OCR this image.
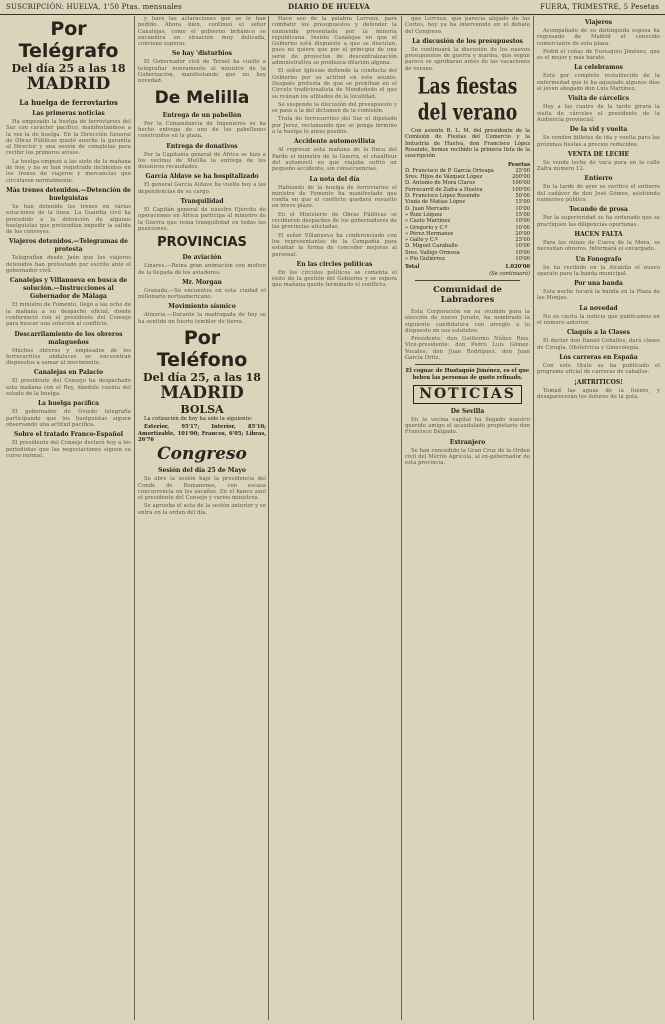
SUSCRIPCIÓN: HUELVA, 1'50 Ptas. mensuales	DIARIO DE HUELVA	FUERA, TRIMESTRE, 5 Pesetas
Por Telégrafo
Del día 25 a las 18
MADRID
La huelga de ferroviarios
Las primeras noticias

Ha empezado la huelga de ferroviarios del Sur con carácter pacífico, manifestándose a la vez la de huelga. En la Dirección General de Obras Públicas quedó anoche la garantía al Director y una sesión de completas para recibir los primeros avisos.

La huelga empezó a las siete de la mañana de hoy, y no se han registrado incidentes en los trenes de viajeros y mercancías que circularon normalmente.

Más trenes detenidos.—Detención de huelguistas

Se han detenido los trenes en varias estaciones de la línea. La Guardia civil ha procedido a la detención de algunos huelguistas que pretendían impedir la salida de los convoyes.

Viajeros detenidos.—Telegramas de protesta

Telegrafían desde Jaén que los viajeros detenidos han protestado por escrito ante el gobernador civil.

Canalejas y Villanueva en busca de solución.—Instrucciones al Gobernador de Málaga

El ministro de Fomento, llegó a las ocho de la mañana a su despacho oficial, donde conferenció con el presidente del Consejo para buscar una solución al conflicto.

Descarrilamiento de los obreros malagueños

Muchos obreros y empleados de los ferrocarriles andaluces se encuentran dispuestos a sumar al movimiento.

Canalejas en Palacio

El presidente del Consejo ha despachado esta mañana con el Rey, dándole cuenta del estado de la huelga.

La huelga pacífica

El gobernador de Oviedo telegrafía participando que los huelguistas siguen observando una actitud pacífica.

Sobre el tratado Franco-Español

El presidente del Consejo declaró hoy a los periodistas que las negociaciones siguen su curso normal.

y hará las aclaraciones que se le han pedido. Ahora bien, continuó el señor Canalejas, como el gobierno británico se encuentra en situación muy delicada, conviene esperar.

Se hay 'disturbios

El Gobernador civil de Teruel ha vuelto a telegrafiar nuevamente al ministro de la Gobernación, manifestando que no hay novedad.

De Melilla
Entrega de un pabellón

Por la Comandancia de Ingenieros se ha hecho entrega de uno de los pabellones construidos en la plaza.

Entrega de donativos

Por la Capitanía general de África se hizo a los vecinos de Melilla la entrega de los donativos recaudados.

García Aldave se ha hospitalizado

El general García Aldave ha vuelto hoy a las dependencias de su cargo.

Tranquilidad

El Capitán general de nuestro Ejército de operaciones en África participa al ministro de la Guerra que reina tranquilidad en todas las posiciones.

PROVINCIAS
De aviación

Linares.—Reina gran animación con motivo de la llegada de los aviadores.

Mr. Morgan

Granada.—Se encuentra en esta ciudad el millonario norteamericano.

Movimiento sísmico

Almería.—Durante la madrugada de hoy se ha sentido un fuerte temblor de tierra.

Por Teléfono
Del día 25, a las 18
MADRID
BOLSA

La cotización de hoy ha sido la siguiente:

Exterior, 95'17; Interior, 85'10; Amortizable, 101'00; Francos, 6'05; Libras, 26'76

Congreso
Sesión del día 25 de Mayo

Se abre la sesión bajo la presidencia del Conde de Romanones, con escasa concurrencia en los escaños. En el banco azul el presidente del Consejo y varios ministros.

Se aprueba el acta de la sesión anterior y se entra en la orden del día.

Hace uso de la palabra Lerroux, para combatir los presupuestos y defender la enmienda presentada por la minoría republicana. Insiste Canalejas en que el Gobierno está dispuesto a que se discutan, pues no quiere que por el principio de una serie de proyectos de descentralización administrativa se produzca dilación alguna.

El señor Iglesias defiende la conducta del Gobierno por su actitud en este asunto. Después protesta de que se prohíban en el Círculo tradicionalista de Mondoñedo el que se reúnan los afiliados de la localidad.

Se suspende la discusión del presupuesto y se pasa a la del dictamen de la comisión.

Trata de ferrocarriles del Sur el diputado por Jerez, reclamando que se ponga término a la huelga lo antes posible.

Accidente automovilista

Al regresar esta mañana de la finca del Pardo el ministro de la Guerra, el chauffeur del automóvil en que viajaba sufrió un pequeño accidente, sin consecuencias.

La nota del día

Hablando de la huelga de ferroviarios el ministro de Fomento ha manifestado que confía en que el conflicto quedará resuelto en breve plazo.

En el Ministerio de Obras Públicas se recibieron despachos de los gobernadores de las provincias afectadas.

El señor Villanueva ha conferenciado con los representantes de la Compañía para estudiar la forma de conceder mejoras al personal.

En las circles políticas

En los círculos políticos se comenta el éxito de la gestión del Gobierno y se espera que mañana quede terminado el conflicto.

que Lerroux, que parecía alejado de las Cortes, hoy ya ha intervenido en el debate del Congreso.

La discusión de los presupuestos

Se continuará la discusión de los nuevos presupuestos de guerra y marina, que según parece se aprobarán antes de las vacaciones de verano.

Las fiestas del verano

Con asiento B. L. M. del presidente de la Comisión de Fiestas del Comercio y la Industria de Huelva, don Francisco López Rosendo, hemos recibido la primera lista de la suscripción

Pesetas
D. Francisco de P. García Orteaga	25'00
Sres. Hijos de Vázquez López	200'00
D. Antonio de Mora Claros	100'00
Ferrocarril de Zafra a Huelva	100'00
D. Francisco López Rosendo	50'00
Viuda de Matías López	15'00
D. Juan Mercado	10'00
» Ruiz Lóquez	15'00
» Casto Martínez	10'00
» Gregorio y C.º	10'00
» Pérez Hermanos	20'00
» Gallo y C.º	25'00
D. Miguel Caraballo	10'00
Sres. Vallejo Ormosa	10'00
» Pio Gutiérrez	10'00
Total	1.020'00
(Se continuará)
Comunidad de Labradores

Esta Corporación en su reunión para la elección de nuevo Jurado, ha nombrado la siguiente candidatura con arreglo a lo dispuesto en sus estatutos.

Presidente: don Guillermo Núñez Ríos. Vice-presidente: don Pedro Luis Gómez. Vocales: don Juan Rodríguez, don Juan García Ortiz.

El cognac de Hustaquio Jiménez, es el que beben las personas de gusto refinado.

NOTICIAS
De Sevilla

En la vecina capital ha llegado nuestro querido amigo el acaudalado propietario don Francisco Delgado.

Extranjero

Se han concedido la Gran Cruz de la Orden civil del Mérito Agrícola, al ex-gobernador de esta provincia.

Viajeros

Acompañado de su distinguida esposa ha regresado de Madrid el conocido comerciante de esta plaza.

Pedid el coñac de Eustaquio Jiménez, que es el mejor y más barato.

La celebramos

Está por completo restablecido de la enfermedad que le ha aquejado algunos días el joven abogado don Luis Martínez.

Visita de cárcelics

Hoy a las cuatro de la tarde girará la visita de cárceles el presidente de la Audiencia provincial.

De la vid y vuelta

Se venden billetes de ida y vuelta para las próximas fiestas a precios reducidos.

VENTA DE LECHE

Se vende leche de vaca pura en la calle Zafra número 12.

Entierro

En la tarde de ayer se verificó el entierro del cadáver de don José Gómez, asistiendo numeroso público.

Tocando de prosa

Por la superioridad se ha ordenado que se practiquen las diligencias oportunas.

HACEN FALTA

Para las minas de Cueva de la Mora, se necesitan obreros. Informará el encargado.

Un Fonografo

Se ha recibido en la Alcaldía el nuevo aparato para la banda municipal.

Por una banda

Esta noche tocará la banda en la Plaza de las Monjas.

La novedad

No es cierta la noticia que publicamos en el número anterior.

Claquis a la Clases

El doctor don Daniel Ceballos, dará clases de Cirugía, Obstetricia y Ginecología.

Los carreras en España

Con este título se ha publicado el programa oficial de carreras de caballos.

¡ARTRITICOS!

Tomad las aguas de la fuente, y desaparecerán los dolores de la gota.
